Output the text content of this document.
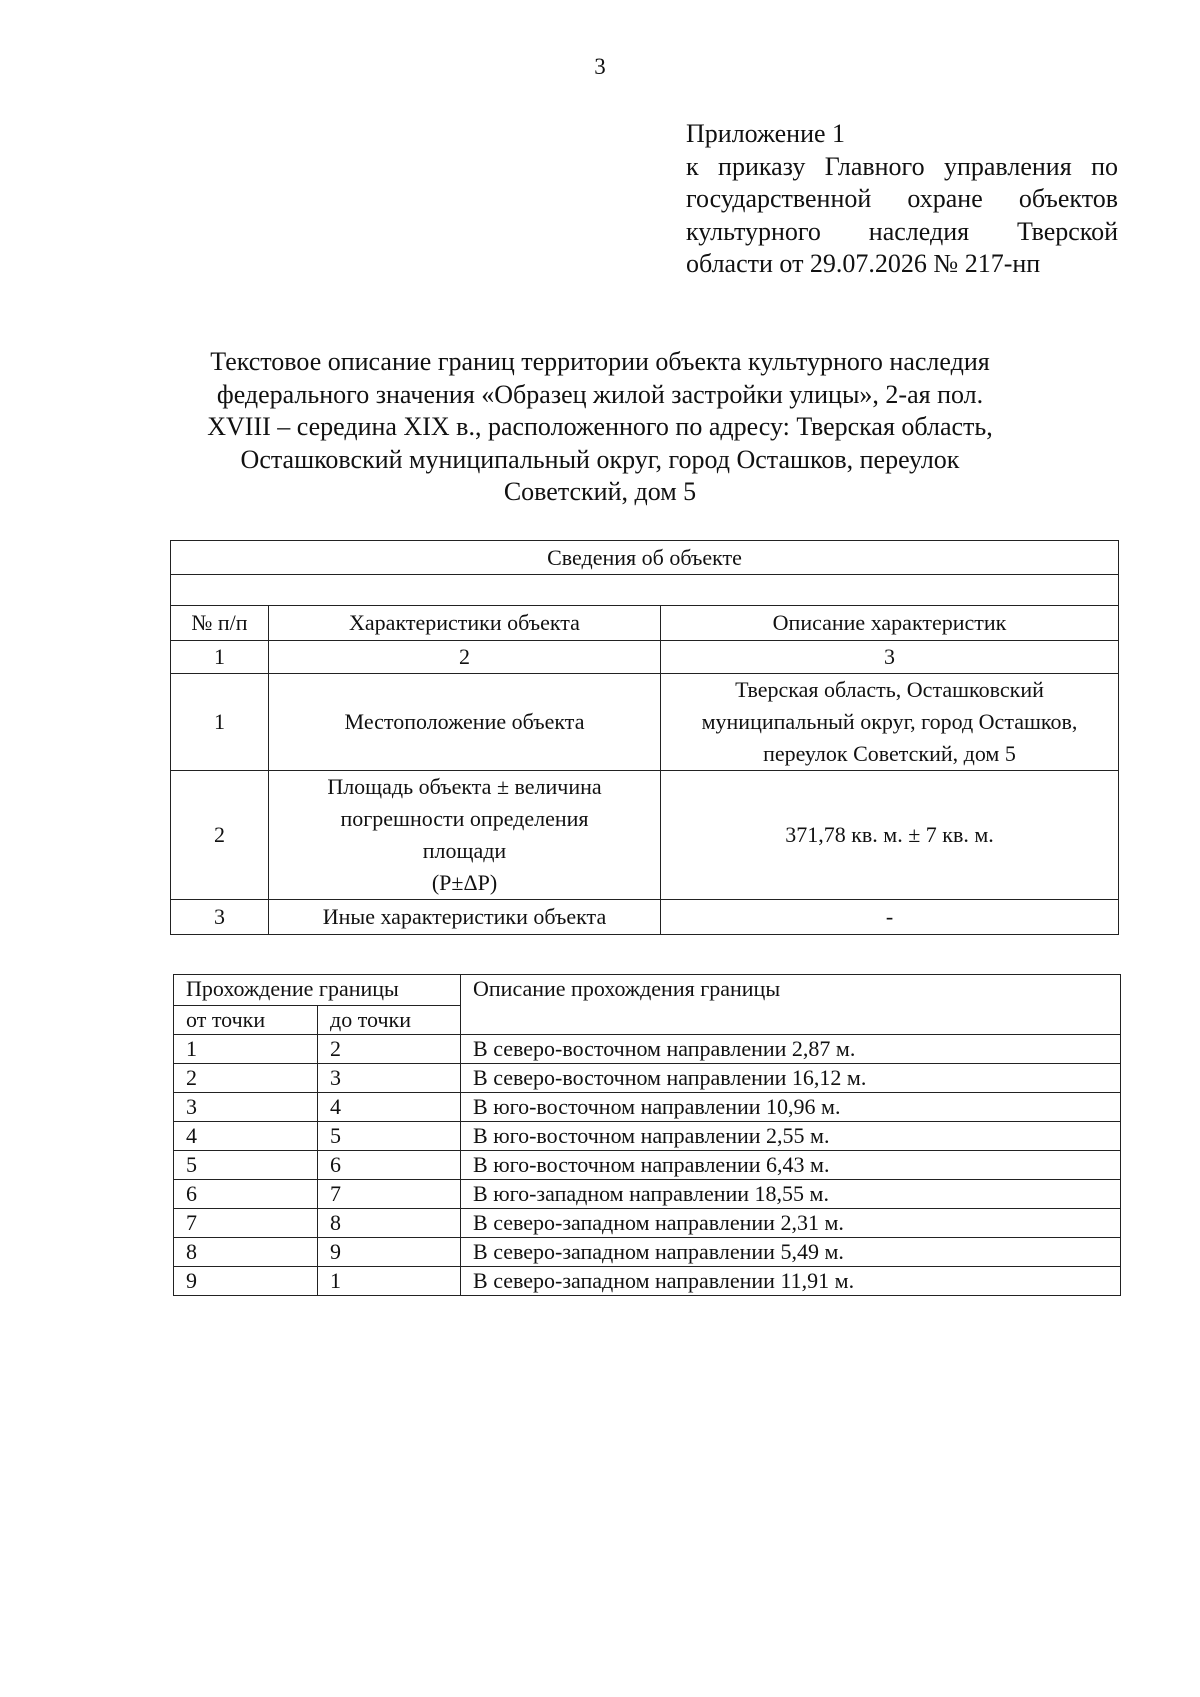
3
Приложение 1
к приказу Главного управления по
государственной охране объектов
культурного наследия Тверской
области от 29.07.2026 № 217-нп
Текстовое описание границ территории объекта культурного наследия
федерального значения «Образец жилой застройки улицы», 2-ая пол.
XVIII – середина XIX в., расположенного по адресу: Тверская область,
Осташковский муниципальный округ, город Осташков, переулок
Советский, дом 5
Сведения об объекте		

№ п/п	Характеристики объекта	Описание характеристик
1	2	3
1	Местоположение объекта	Тверская область, Осташковский
муниципальный округ, город Осташков,
переулок Советский, дом 5

2	Площадь объекта ± величина
погрешности определения
площади
(Р±ΔР)	371,78 кв. м. ± 7 кв. м.

3	Иные характеристики объекта	-
Прохождение границы		Описание прохождения границы
от точки	до точки	
1	2	В северо-восточном направлении 2,87 м.
2	3	В северо-восточном направлении 16,12 м.
3	4	В юго-восточном направлении 10,96 м.
4	5	В юго-восточном направлении 2,55 м.
5	6	В юго-восточном направлении 6,43 м.
6	7	В юго-западном направлении 18,55 м.
7	8	В северо-западном направлении 2,31 м.
8	9	В северо-западном направлении 5,49 м.
9	1	В северо-западном направлении 11,91 м.
